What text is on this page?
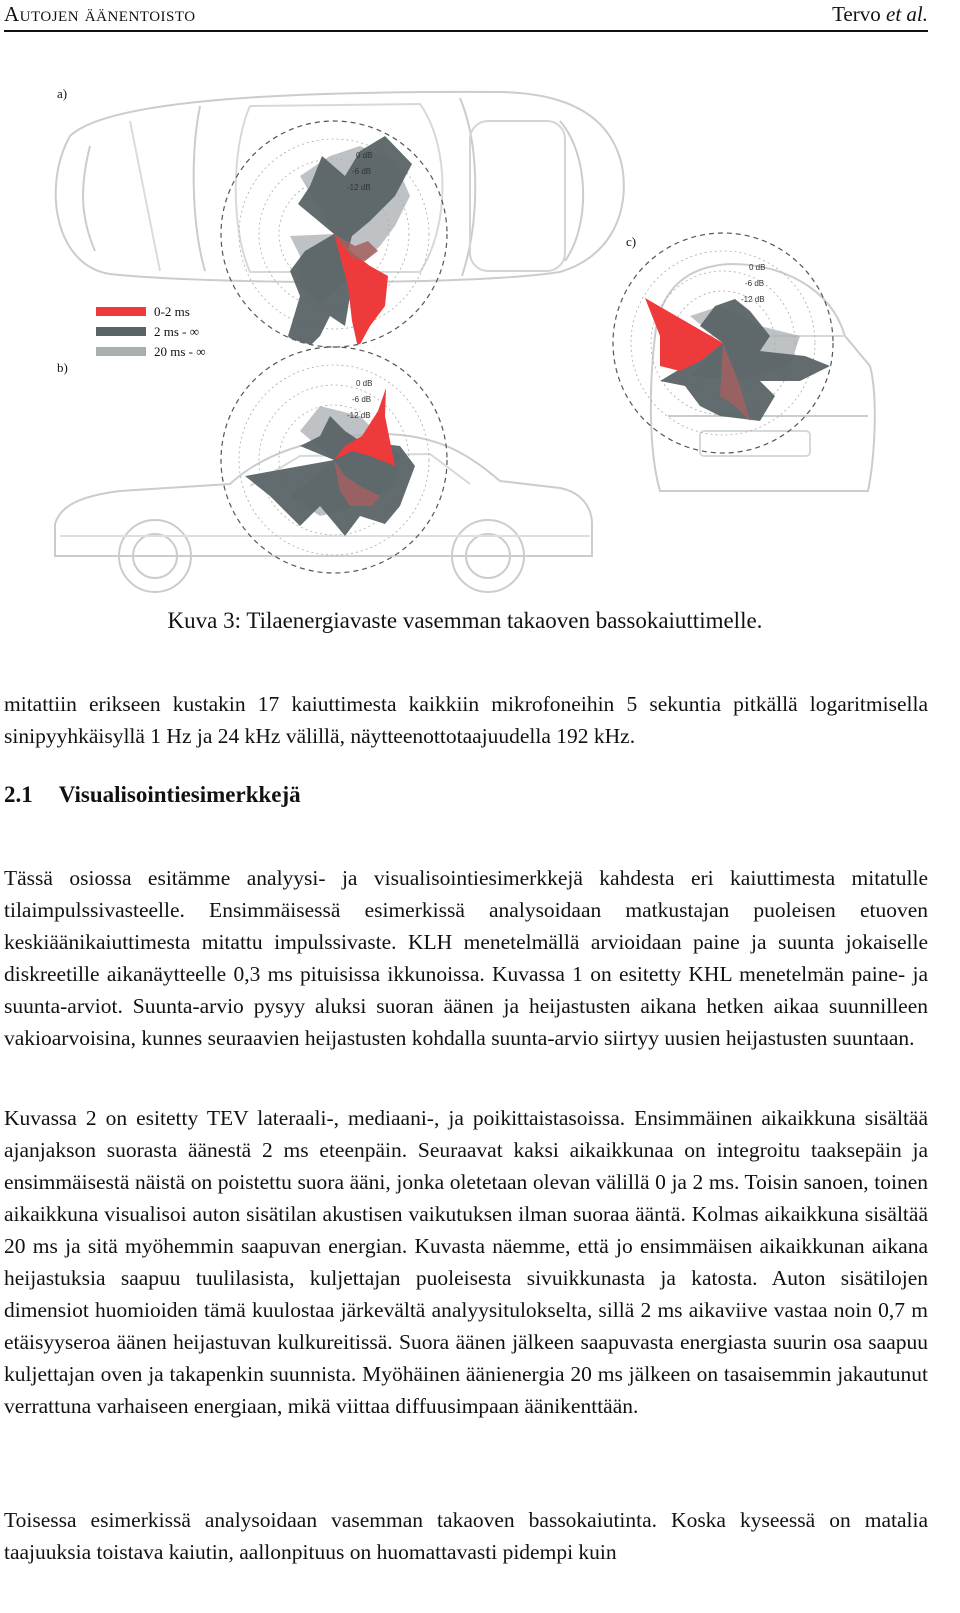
Autojen äänentoisto	Tervo et al.
0 dB
-6 dB
-12 dB
0 dB
-6 dB
-12 dB
0 dB
-6 dB
-12 dB
a)
b)
c)
0-2 ms
2 ms - ∞
20 ms - ∞
Kuva 3: Tilaenergiavaste vasemman takaoven bassokaiuttimelle.

mitattiin erikseen kustakin 17 kaiuttimesta kaikkiin mikrofoneihin 5 sekuntia pitkällä logaritmisella sinipyyhkäisyllä 1 Hz ja 24 kHz välillä, näytteenottotaajuudella 192 kHz.

2.1 Visualisointiesimerkkejä

Tässä osiossa esitämme analyysi- ja visualisointiesimerkkejä kahdesta eri kaiuttimesta mitatulle tilaimpulssivasteelle. Ensimmäisessä esimerkissä analysoidaan matkustajan puoleisen etuoven keskiäänikaiuttimesta mitattu impulssivaste. KLH menetelmällä arvioidaan paine ja suunta jokaiselle diskreetille aikanäytteelle 0,3 ms pituisissa ikkunoissa. Kuvassa 1 on esitetty KHL menetelmän paine- ja suunta-arviot. Suunta-arvio pysyy aluksi suoran äänen ja heijastusten aikana hetken aikaa suunnilleen vakioarvoisina, kunnes seuraavien heijastusten kohdalla suunta-arvio siirtyy uusien heijastusten suuntaan.

Kuvassa 2 on esitetty TEV lateraali-, mediaani-, ja poikittaistasoissa. Ensimmäinen aikaikkuna sisältää ajanjakson suorasta äänestä 2 ms eteenpäin. Seuraavat kaksi aikaikkunaa on integroitu taaksepäin ja ensimmäisestä näistä on poistettu suora ääni, jonka oletetaan olevan välillä 0 ja 2 ms. Toisin sanoen, toinen aikaikkuna visualisoi auton sisätilan akustisen vaikutuksen ilman suoraa ääntä. Kolmas aikaikkuna sisältää 20 ms ja sitä myöhemmin saapuvan energian. Kuvasta näemme, että jo ensimmäisen aikaikkunan aikana heijastuksia saapuu tuulilasista, kuljettajan puoleisesta sivuikkunasta ja katosta. Auton sisätilojen dimensiot huomioiden tämä kuulostaa järkevältä analyysitulokselta, sillä 2 ms aikaviive vastaa noin 0,7 m etäisyyseroa äänen heijastuvan kulkureitissä. Suora äänen jälkeen saapuvasta energiasta suurin osa saapuu kuljettajan oven ja takapenkin suunnista. Myöhäinen äänienergia 20 ms jälkeen on tasaisemmin jakautunut verrattuna varhaiseen energiaan, mikä viittaa diffuusimpaan äänikenttään.

Toisessa esimerkissä analysoidaan vasemman takaoven bassokaiutinta. Koska kyseessä on matalia taajuuksia toistava kaiutin, aallonpituus on huomattavasti pidempi kuin
